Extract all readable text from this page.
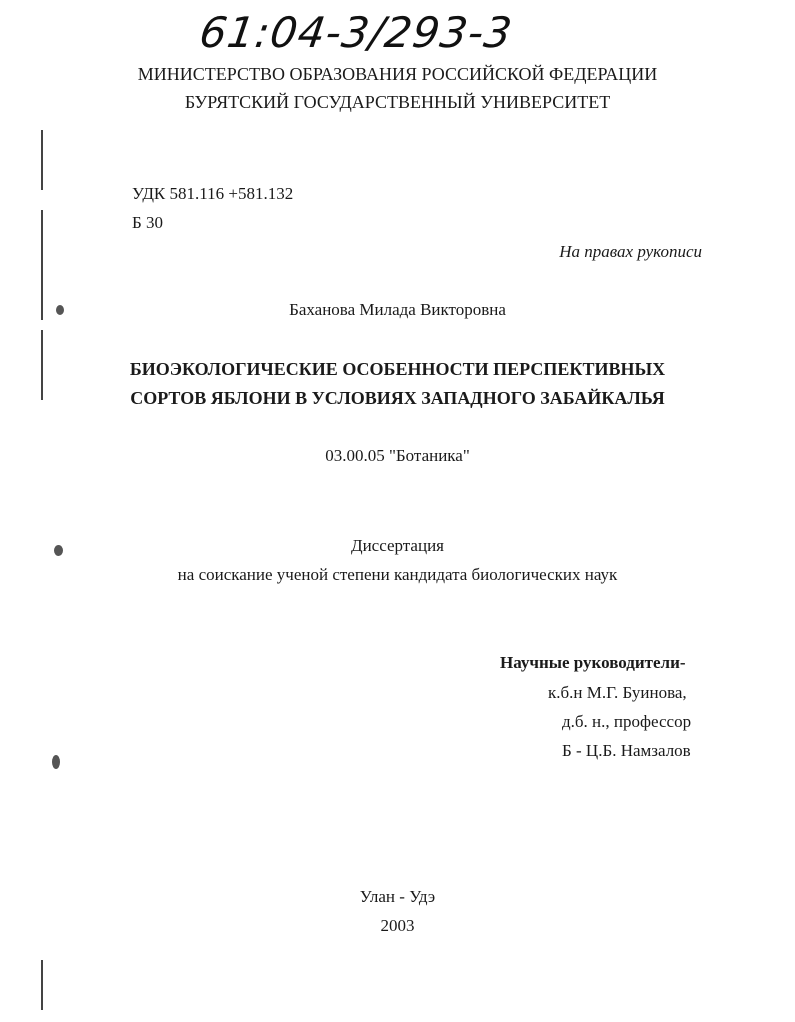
61:04-3/293-3
МИНИСТЕРСТВО ОБРАЗОВАНИЯ РОССИЙСКОЙ ФЕДЕРАЦИИ
БУРЯТСКИЙ ГОСУДАРСТВЕННЫЙ УНИВЕРСИТЕТ
УДК 581.116 +581.132
Б 30
На правах рукописи
Баханова Милада Викторовна
БИОЭКОЛОГИЧЕСКИЕ ОСОБЕННОСТИ ПЕРСПЕКТИВНЫХ
СОРТОВ ЯБЛОНИ В УСЛОВИЯХ ЗАПАДНОГО ЗАБАЙКАЛЬЯ
03.00.05 "Ботаника"
Диссертация
на соискание ученой степени кандидата биологических наук
Научные руководители-
к.б.н М.Г. Буинова,
д.б. н., профессор
Б - Ц.Б. Намзалов
Улан - Удэ
2003
